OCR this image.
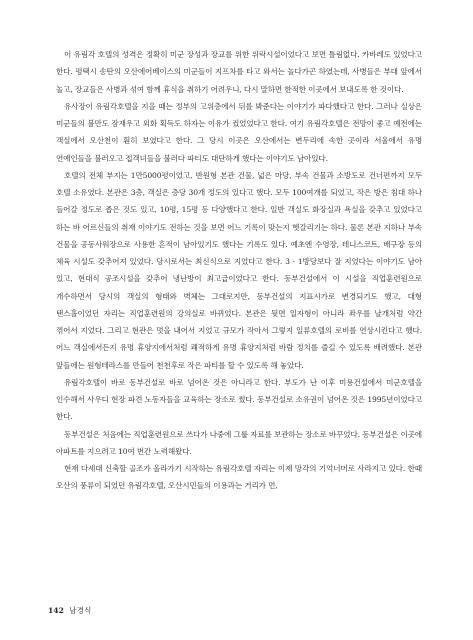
이 유림각 호텔의 성격은 정확히 미군 장성과 장교를 위한 위락시설이었다고 보면 틀림없다. 카바레도 있었다고 한다. 평택시 송탄의 오산에어베이스의 미군들이 지프차를 타고 와서는 놀다가곤 하였는데, 사병들은 부대 앞에서 놀고, 장교들은 사병과 섞여 함께 휴식을 취하기 어려우니, 다시 말하면 한적한 이곳에서 보내도록 한 것이다.

유사장이 유림각호텔을 지을 때는 정부의 고위층에서 뒤를 봐준다는 이야기가 파다했다고 한다. 그러나 실상은 미군들의 불만도 잠재우고 외화 획득도 하자는 이유가 컸었었다고 한다. 여기 유림각호텔은 전망이 좋고 예전에는 객실에서 오산천이 훤히 보였다고 한다. 그 당시 이곳은 오산에서는 변두리에 속한 곳이라 서울에서 유명 연예인들을 불러오고 접객녀들을 불러다 파티도 대단하게 했다는 이야기도 남아있다.

호텔의 전체 부지는 1만5000평이었고, 반원형 본관 건물, 넓은 마당, 부속 건물과 소방도로 건너편까지 모두 호텔 소유였다. 본관은 3층, 객실은 층당 30개 정도의 있다고 했다. 모두 100여개를 되었고, 작은 방은 침대 하나 들어갈 정도로 좁은 것도 있고, 10평, 15평 등 다양했다고 한다. 일반 객실도 화장실과 욕실을 갖추고 있었다고 하는 바 어르신들의 취재 이야기도 전하는 것을 보면 어느 기록이 맞는지 헷갈리기는 하다. 물론 본관 지하나 부속 건물을 공동사워장으로 사용한 흔적이 남아있기도 했다는 기록도 있다. 예초엔 수영장, 테니스코트, 배구장 등의 체육 시설도 갖추어져 있었다. 당시로서는 최신식으로 지었다고 한다. 3 · 1방당보다 잘 지었다는 이야기도 남아 있고, 현대식 공조시설을 갖추어 냉난방이 최고급이었다고 한다. 동부건설에서 이 시설을 직업훈련원으로 개수하면서 당시의 객실의 형태와 벽체는 그대로지만, 동부건설의 지표시가로 변경되기도 했고, 대형 탠스홀이었던 자리는 직업훈련원의 강의실로 바뀌었다. 본관은 뒷면 일자형이 아니라 좌우를 날개처럼 약간 꺾어서 지었다. 그리고 현관은 멋을 내어서 지었고 규모가 작아서 그렇지 일류호텔의 로비를 연상시킨다고 했다. 어느 객실에서든지 유명 휴양지에서처럼 쾌적하게 유명 휴양지처럼 바람 정치를 즐길 수 있도록 배려했다. 본관 앞들에는 원형테라스를 만들어 천천후로 작은 파티를 할 수 있도록 해 놓았다.

유림각호텔이 바로 동부건설로 바로 넘어온 것은 아니라고 한다. 부도가 난 이후 미용건설에서 미군호텔을 인수해서 사우디 현장 파견 노동자들을 교육하는 장소로 썼다. 동부건설로 소유권이 넘어온 것은 1995년이었다고 한다.

동부건설은 처음에는 직업훈련원으로 쓰다가 나중에 그룹 자료를 보관하는 장소로 바꾸었다. 동부건설은 이곳에 아파트를 지으려고 10여 번간 노력해왔다.

현재 다세대 신축할 골조가 올라가기 시작하는 유림각호텔 자리는 이제 망각의 기억너머로 사라지고 있다. 한때 오산의 풍류이 되었던 유림각호텔, 오산시민들의 이용과는 거리가 먼,

142 남경식
